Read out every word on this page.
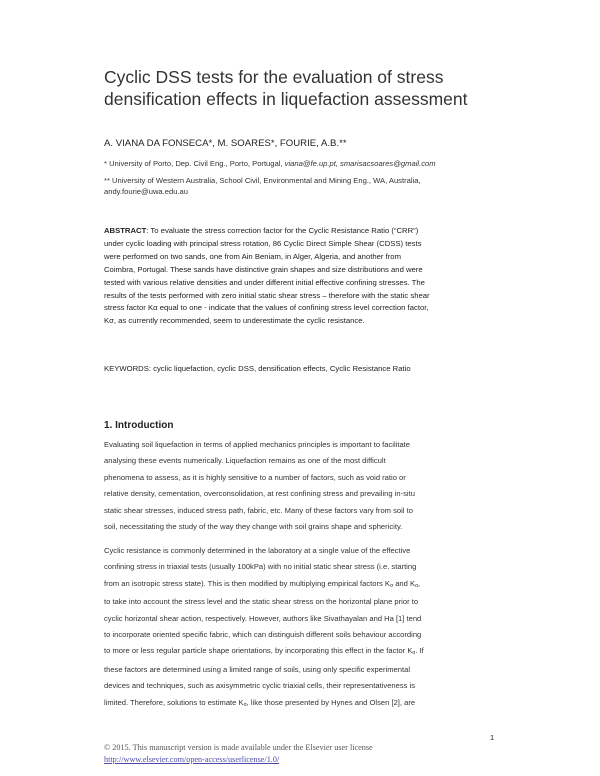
Cyclic DSS tests for the evaluation of stress
densification effects in liquefaction assessment
A. VIANA DA FONSECA*, M. SOARES*, FOURIE, A.B.**
* University of Porto, Dep. Civil Eng., Porto, Portugal, viana@fe.up.pt, smarisacsoares@gmail.com
** University of Western Australia, School Civil, Environmental and Mining Eng., WA, Australia,
andy.fourie@uwa.edu.au

ABSTRACT: To evaluate the stress correction factor for the Cyclic Resistance Ratio (“CRR”)
under cyclic loading with principal stress rotation, 86 Cyclic Direct Simple Shear (CDSS) tests
were performed on two sands, one from Ain Beniam, in Alger, Algeria, and another from
Coimbra, Portugal. These sands have distinctive grain shapes and size distributions and were
tested with various relative densities and under different initial effective confining stresses. The
results of the tests performed with zero initial static shear stress – therefore with the static shear
stress factor Kα equal to one - indicate that the values of confining stress level correction factor,
Kσ, as currently recommended, seem to underestimate the cyclic resistance.

KEYWORDS: cyclic liquefaction, cyclic DSS, densification effects, Cyclic Resistance Ratio

1. Introduction

Evaluating soil liquefaction in terms of applied mechanics principles is important to facilitate
analysing these events numerically. Liquefaction remains as one of the most difficult
phenomena to assess, as it is highly sensitive to a number of factors, such as void ratio or
relative density, cementation, overconsolidation, at rest confining stress and prevailing in-situ
static shear stresses, induced stress path, fabric, etc. Many of these factors vary from soil to
soil, necessitating the study of the way they change with soil grains shape and sphericity.

Cyclic resistance is commonly determined in the laboratory at a single value of the effective
confining stress in triaxial tests (usually 100kPa) with no initial static shear stress (i.e. starting
from an isotropic stress state). This is then modified by multiplying empirical factors $K_\sigma$ and $K_\alpha$,
to take into account the stress level and the static shear stress on the horizontal plane prior to
cyclic horizontal shear action, respectively. However, authors like Sivathayalan and Ha [1] tend
to incorporate oriented specific fabric, which can distinguish different soils behaviour according
to more or less regular particle shape orientations, by incorporating this effect in the factor $K_\alpha$. If
these factors are determined using a limited range of soils, using only specific experimental
devices and techniques, such as axisymmetric cyclic triaxial cells, their representativeness is
limited. Therefore, solutions to estimate $K_\sigma$, like those presented by Hynes and Olsen [2], are

1
© 2015. This manuscript version is made available under the Elsevier user license
http://www.elsevier.com/open-access/userlicense/1.0/
